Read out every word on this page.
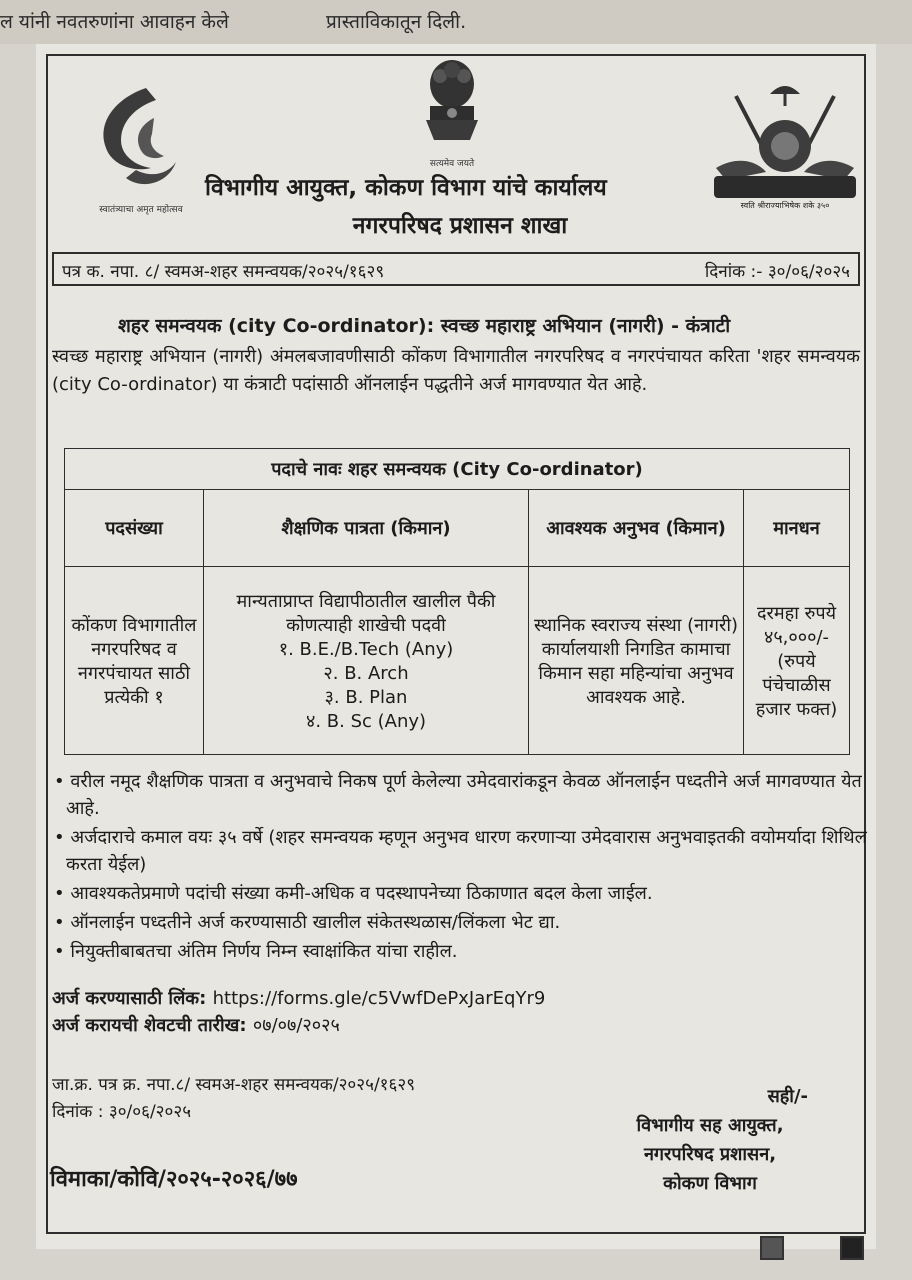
ल यांनी नवतरुणांना आवाहन केले	प्रास्ताविकातून दिली.
स्वातंत्र्याचा अमृत महोत्सव
सत्यमेव जयते
स्वति श्रीराज्याभिषेक शके ३५०
विभागीय आयुक्त, कोकण विभाग यांचे कार्यालय
नगरपरिषद प्रशासन शाखा
पत्र क. नपा. ८/ स्वमअ-शहर समन्वयक/२०२५/१६२९	दिनांक :- ३०/०६/२०२५
शहर समन्वयक (city Co-ordinator): स्वच्छ महाराष्ट्र अभियान (नागरी) - कंत्राटी
स्वच्छ महाराष्ट्र अभियान (नागरी) अंमलबजावणीसाठी कोंकण विभागातील नगरपरिषद व नगरपंचायत करिता 'शहर समन्वयक (city Co-ordinator) या कंत्राटी पदांसाठी ऑनलाईन पद्धतीने अर्ज मागवण्यात येत आहे.
पदाचे नावः शहर समन्वयक (City Co-ordinator)			
पदसंख्या	शैक्षणिक पात्रता (किमान)	आवश्यक अनुभव (किमान)	मानधन
कोंकण विभागातील नगरपरिषद व नगरपंचायत साठी प्रत्येकी १	मान्यताप्राप्त विद्यापीठातील खालील पैकी कोणत्याही शाखेची पदवी
१. B.E./B.Tech (Any)
२. B. Arch
३. B. Plan
४. B. Sc (Any)	स्थानिक स्वराज्य संस्था (नागरी) कार्यालयाशी निगडित कामाचा किमान सहा महिन्यांचा अनुभव आवश्यक आहे.	दरमहा रुपये ४५,०००/- (रुपये पंचेचाळीस हजार फक्त)
• वरील नमूद शैक्षणिक पात्रता व अनुभवाचे निकष पूर्ण केलेल्या उमेदवारांकडून केवळ ऑनलाईन पध्दतीने अर्ज मागवण्यात येत आहे.
• अर्जदाराचे कमाल वयः ३५ वर्षे (शहर समन्वयक म्हणून अनुभव धारण करणाऱ्या उमेदवारास अनुभवाइतकी वयोमर्यादा शिथिल करता येईल)
• आवश्यकतेप्रमाणे पदांची संख्या कमी-अधिक व पदस्थापनेच्या ठिकाणात बदल केला जाईल.
• ऑनलाईन पध्दतीने अर्ज करण्यासाठी खालील संकेतस्थळास/लिंकला भेट द्या.
• नियुक्तीबाबतचा अंतिम निर्णय निम्न स्वाक्षांकित यांचा राहील.
अर्ज करण्यासाठी लिंक: https://forms.gle/c5VwfDePxJarEqYr9
अर्ज करायची शेवटची तारीख: ०७/०७/२०२५
जा.क्र. पत्र क्र. नपा.८/ स्वमअ-शहर समन्वयक/२०२५/१६२९
दिनांक : ३०/०६/२०२५
सही/-
विभागीय सह आयुक्त,
नगरपरिषद प्रशासन,
कोकण विभाग
विमाका/कोवि/२०२५-२०२६/७७
